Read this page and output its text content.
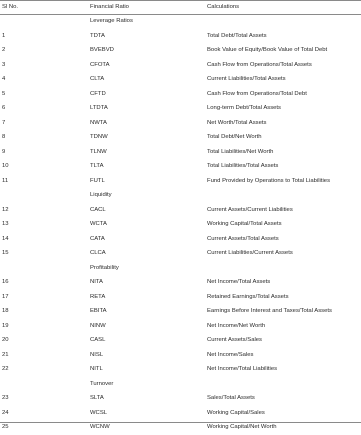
Sl No.	Financial Ratio	Calculations
Leverage Ratios
1	TDTA	Total Debt/Total Assets
2	BVEBVD	Book Value of Equity/Book Value of Total Debt
3	CFOTA	Cash Flow from Operations/Total Assets
4	CLTA	Current Liabilities/Total Assets
5	CFTD	Cash Flow from Operations/Total Debt
6	LTDTA	Long-term Debt/Total Assets
7	NWTA	Net Worth/Total Assets
8	TDNW	Total Debt/Net Worth
9	TLNW	Total Liabilities/Net Worth
10	TLTA	Total Liabilities/Total Assets
11	FUTL	Fund Provided by Operations to Total Liabilities
Liquidity
12	CACL	Current Assets/Current Liabilities
13	WCTA	Working Capital/Total Assets
14	CATA	Current Assets/Total Assets
15	CLCA	Current Liabilities/Current Assets
Profitability
16	NITA	Net Income/Total Assets
17	RETA	Retained Earnings/Total Assets
18	EBITA	Earnings Before Interest and Taxes/Total Assets
19	NINW	Net Income/Net Worth
20	CASL	Current Assets/Sales
21	NISL	Net Income/Sales
22	NITL	Net Income/Total Liabilities
Turnover
23	SLTA	Sales/Total Assets
24	WCSL	Working Capital/Sales
25	WCNW	Working Capital/Net Worth
